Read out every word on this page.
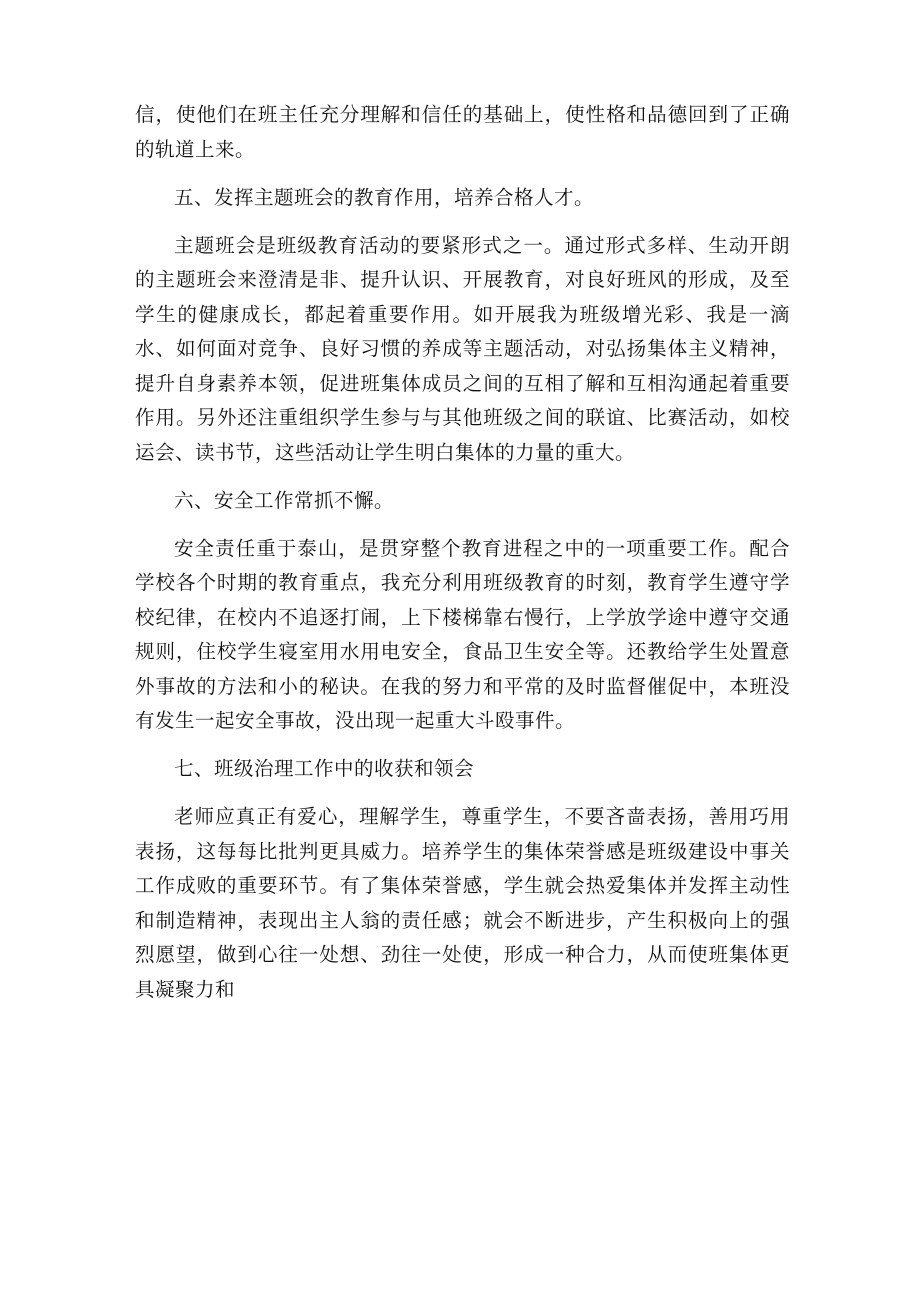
信，使他们在班主任充分理解和信任的基础上，使性格和品德回到了正确的轨道上来。

五、发挥主题班会的教育作用，培养合格人才。

主题班会是班级教育活动的要紧形式之一。通过形式多样、生动开朗的主题班会来澄清是非、提升认识、开展教育，对良好班风的形成，及至学生的健康成长，都起着重要作用。如开展我为班级增光彩、我是一滴水、如何面对竞争、良好习惯的养成等主题活动，对弘扬集体主义精神，提升自身素养本领，促进班集体成员之间的互相了解和互相沟通起着重要作用。另外还注重组织学生参与与其他班级之间的联谊、比赛活动，如校运会、读书节，这些活动让学生明白集体的力量的重大。

六、安全工作常抓不懈。

安全责任重于泰山，是贯穿整个教育进程之中的一项重要工作。配合学校各个时期的教育重点，我充分利用班级教育的时刻，教育学生遵守学校纪律，在校内不追逐打闹，上下楼梯靠右慢行，上学放学途中遵守交通规则，住校学生寝室用水用电安全，食品卫生安全等。还教给学生处置意外事故的方法和小的秘诀。在我的努力和平常的及时监督催促中，本班没有发生一起安全事故，没出现一起重大斗殴事件。

七、班级治理工作中的收获和领会

老师应真正有爱心，理解学生，尊重学生，不要吝啬表扬，善用巧用表扬，这每每比批判更具威力。培养学生的集体荣誉感是班级建设中事关工作成败的重要环节。有了集体荣誉感，学生就会热爱集体并发挥主动性和制造精神，表现出主人翁的责任感；就会不断进步，产生积极向上的强烈愿望，做到心往一处想、劲往一处使，形成一种合力，从而使班集体更具凝聚力和
